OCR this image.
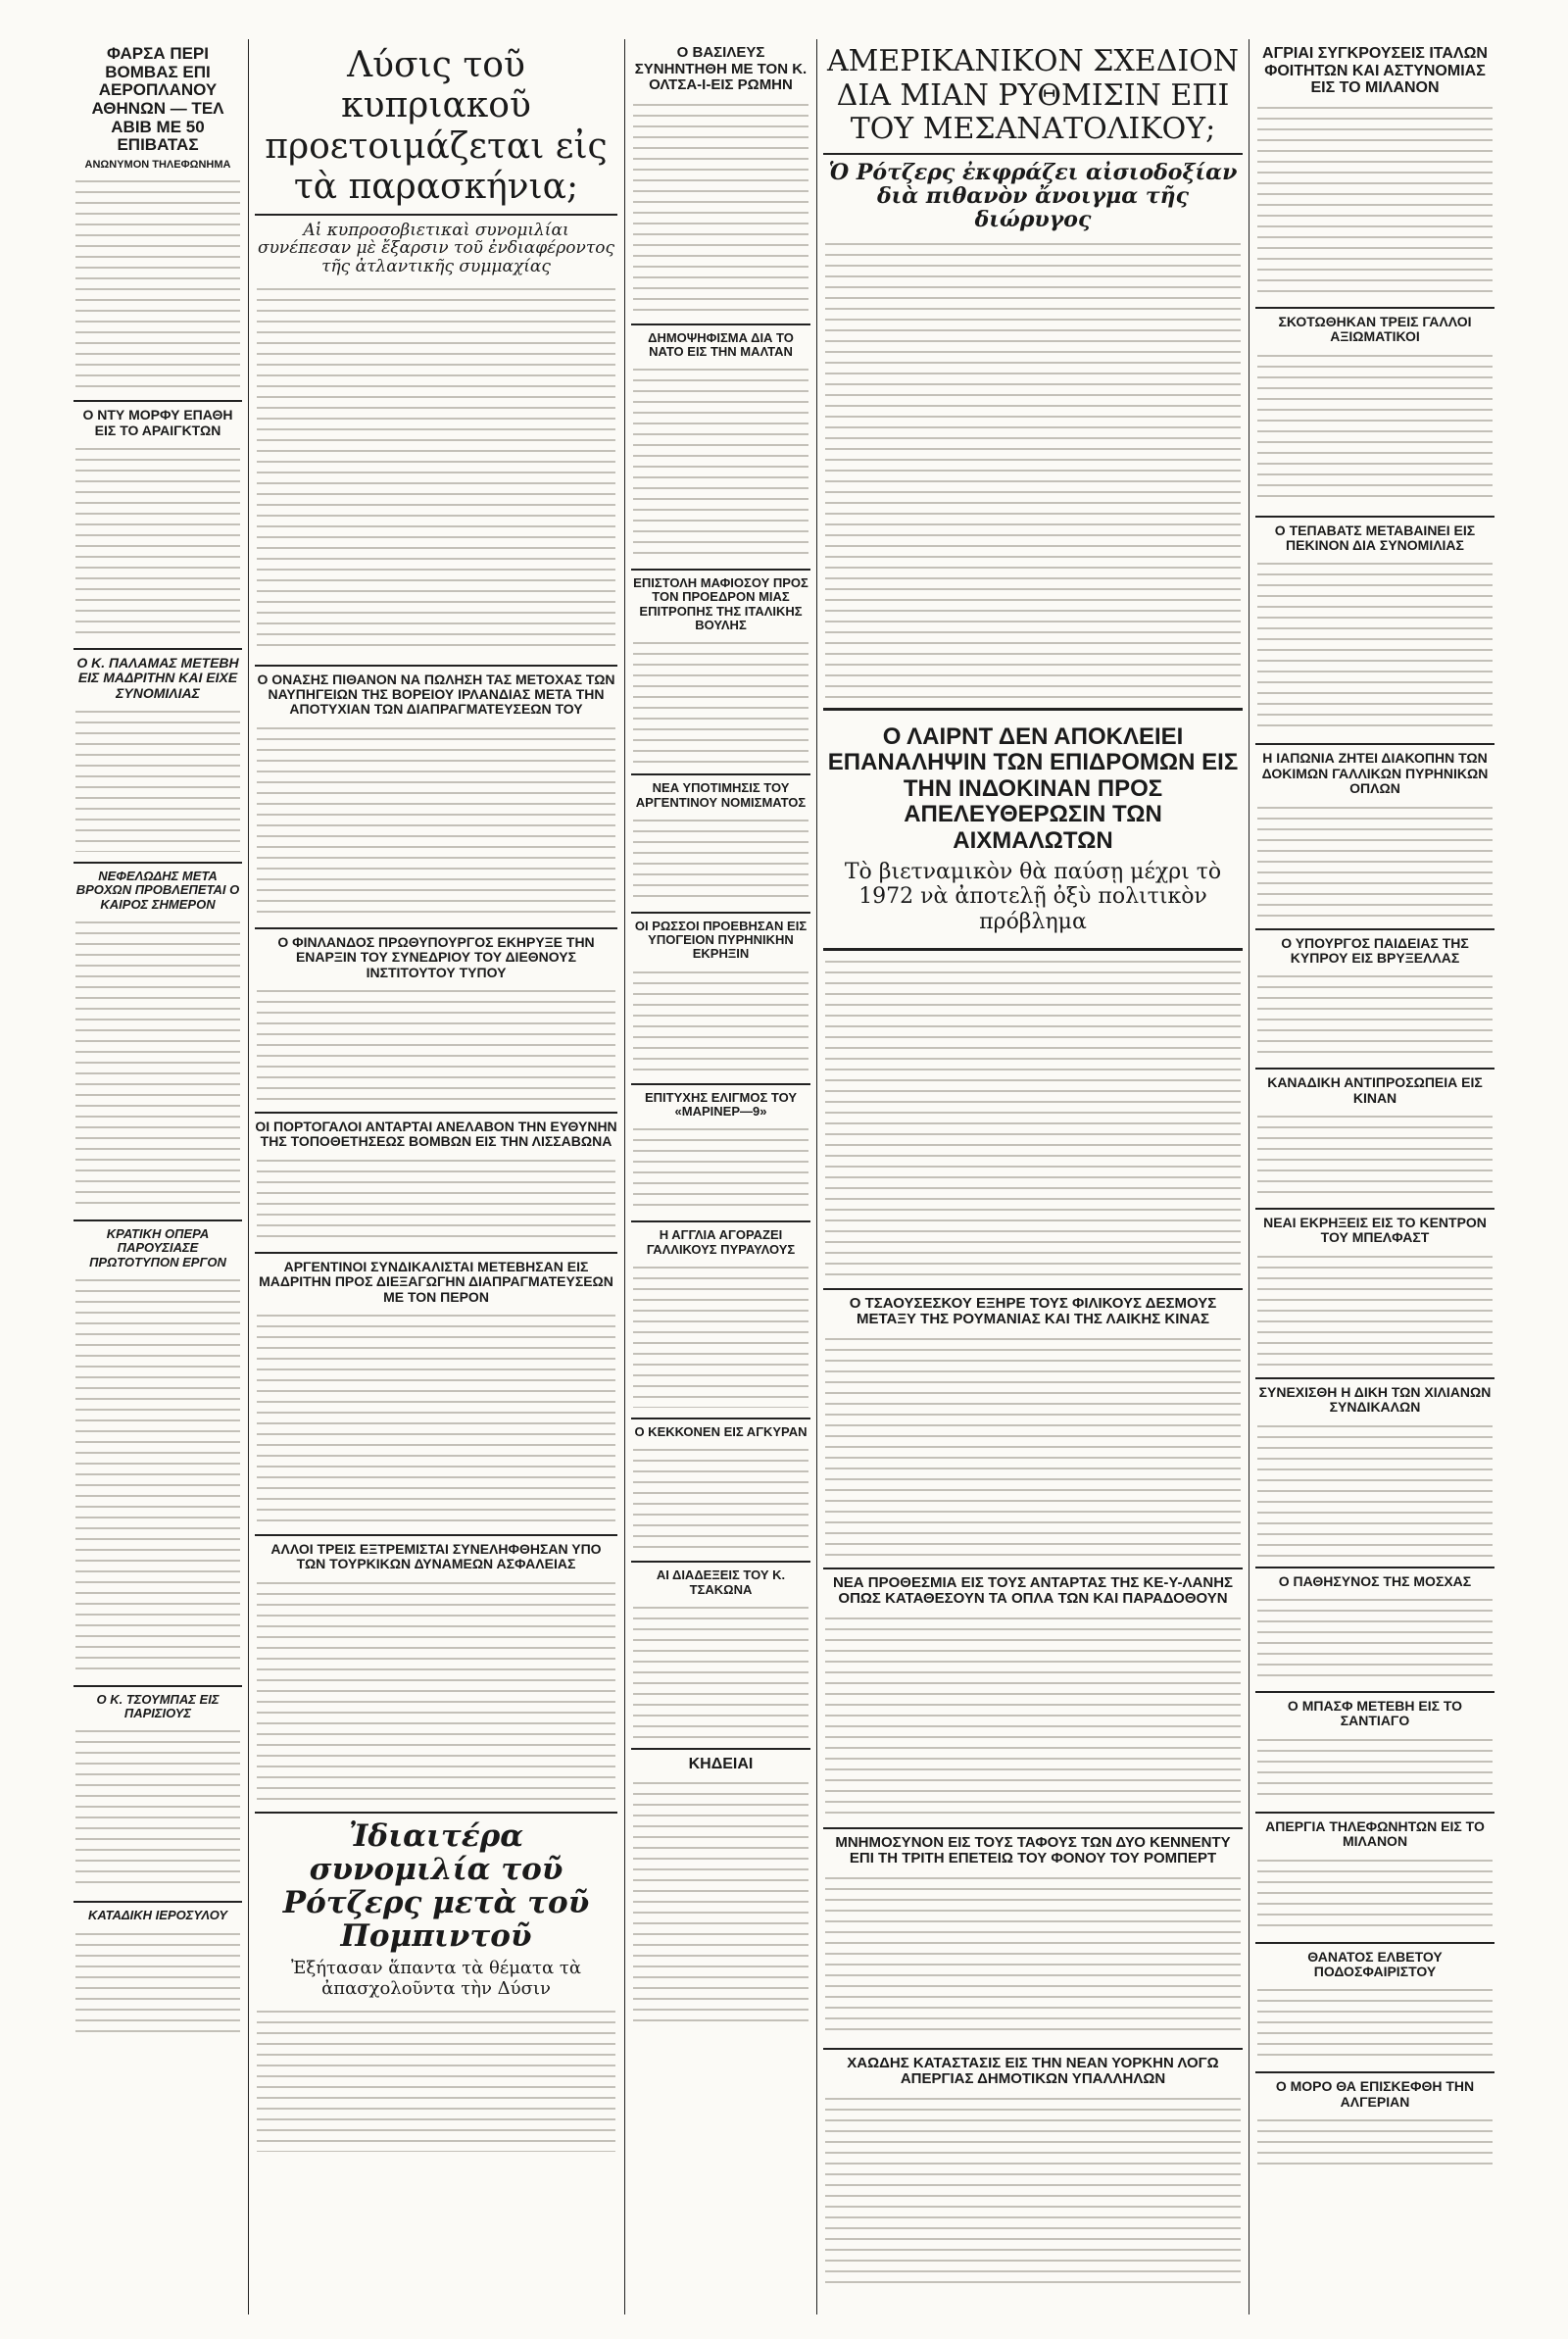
ΦΑΡΣΑ ΠΕΡΙ ΒΟΜΒΑΣ ΕΠΙ ΑΕΡΟΠΛΑΝΟΥ ΑΘΗΝΩΝ — ΤΕΛ ΑΒΙΒ ΜΕ 50 ΕΠΙΒΑΤΑΣ
ΑΝΩΝΥΜΟΝ ΤΗΛΕΦΩΝΗΜΑ
Ο ΝΤΥ ΜΟΡΦΥ ΕΠΑΘΗ ΕΙΣ ΤΟ ΑΡΑΙΓΚΤΩΝ
Ο Κ. ΠΑΛΑΜΑΣ ΜΕΤΕΒΗ ΕΙΣ ΜΑΔΡΙΤΗΝ ΚΑΙ ΕΙΧΕ ΣΥΝΟΜΙΛΙΑΣ
ΝΕΦΕΛΩΔΗΣ ΜΕΤΑ ΒΡΟΧΩΝ ΠΡΟΒΛΕΠΕΤΑΙ Ο ΚΑΙΡΟΣ ΣΗΜΕΡΟΝ
ΚΡΑΤΙΚΗ ΟΠΕΡΑ ΠΑΡΟΥΣΙΑΣΕ ΠΡΩΤΟΤΥΠΟΝ ΕΡΓΟΝ
Ο Κ. ΤΣΟΥΜΠΑΣ ΕΙΣ ΠΑΡΙΣΙΟΥΣ
ΚΑΤΑΔΙΚΗ ΙΕΡΟΣΥΛΟΥ
Λύσις τοῦ κυπριακοῦ προετοιμάζεται εἰς τὰ παρασκήνια;
Αἱ κυπροσοβιετικαὶ συνομιλίαι συνέπεσαν μὲ ἔξαρσιν τοῦ ἐνδιαφέροντος τῆς ἀτλαντικῆς συμμαχίας
Ο ΟΝΑΣΗΣ ΠΙΘΑΝΟΝ ΝΑ ΠΩΛΗΣΗ ΤΑΣ ΜΕΤΟΧΑΣ ΤΩΝ ΝΑΥΠΗΓΕΙΩΝ ΤΗΣ ΒΟΡΕΙΟΥ ΙΡΛΑΝΔΙΑΣ ΜΕΤΑ ΤΗΝ ΑΠΟΤΥΧΙΑΝ ΤΩΝ ΔΙΑΠΡΑΓΜΑΤΕΥΣΕΩΝ ΤΟΥ
Ο ΦΙΝΛΑΝΔΟΣ ΠΡΩΘΥΠΟΥΡΓΟΣ ΕΚΗΡΥΞΕ ΤΗΝ ΕΝΑΡΞΙΝ ΤΟΥ ΣΥΝΕΔΡΙΟΥ ΤΟΥ ΔΙΕΘΝΟΥΣ ΙΝΣΤΙΤΟΥΤΟΥ ΤΥΠΟΥ
ΟΙ ΠΟΡΤΟΓΑΛΟΙ ΑΝΤΑΡΤΑΙ ΑΝΕΛΑΒΟΝ ΤΗΝ ΕΥΘΥΝΗΝ ΤΗΣ ΤΟΠΟΘΕΤΗΣΕΩΣ ΒΟΜΒΩΝ ΕΙΣ ΤΗΝ ΛΙΣΣΑΒΩΝΑ
ΑΡΓΕΝΤΙΝΟΙ ΣΥΝΔΙΚΑΛΙΣΤΑΙ ΜΕΤΕΒΗΣΑΝ ΕΙΣ ΜΑΔΡΙΤΗΝ ΠΡΟΣ ΔΙΕΞΑΓΩΓΗΝ ΔΙΑΠΡΑΓΜΑΤΕΥΣΕΩΝ ΜΕ ΤΟΝ ΠΕΡΟΝ
ΑΛΛΟΙ ΤΡΕΙΣ ΕΞΤΡΕΜΙΣΤΑΙ ΣΥΝΕΛΗΦΘΗΣΑΝ ΥΠΟ ΤΩΝ ΤΟΥΡΚΙΚΩΝ ΔΥΝΑΜΕΩΝ ΑΣΦΑΛΕΙΑΣ
Ἰδιαιτέρα συνομιλία τοῦ Ρότζερς μετὰ τοῦ Πομπιντοῦ
Ἐξήτασαν ἅπαντα τὰ θέματα τὰ ἀπασχολοῦντα τὴν Δύσιν
Ο ΒΑΣΙΛΕΥΣ ΣΥΝΗΝΤΗΘΗ ΜΕ ΤΟΝ Κ. ΟΛΤΣΑ-Ι-ΕΙΣ ΡΩΜΗΝ
ΔΗΜΟΨΗΦΙΣΜΑ ΔΙΑ ΤΟ ΝΑΤΟ ΕΙΣ ΤΗΝ ΜΑΛΤΑΝ
ΕΠΙΣΤΟΛΗ ΜΑΦΙΟΣΟΥ ΠΡΟΣ ΤΟΝ ΠΡΟΕΔΡΟΝ ΜΙΑΣ ΕΠΙΤΡΟΠΗΣ ΤΗΣ ΙΤΑΛΙΚΗΣ ΒΟΥΛΗΣ
ΝΕΑ ΥΠΟΤΙΜΗΣΙΣ ΤΟΥ ΑΡΓΕΝΤΙΝΟΥ ΝΟΜΙΣΜΑΤΟΣ
ΟΙ ΡΩΣΣΟΙ ΠΡΟΕΒΗΣΑΝ ΕΙΣ ΥΠΟΓΕΙΟΝ ΠΥΡΗΝΙΚΗΝ ΕΚΡΗΞΙΝ
ΕΠΙΤΥΧΗΣ ΕΛΙΓΜΟΣ ΤΟΥ «ΜΑΡΙΝΕΡ—9»
Η ΑΓΓΛΙΑ ΑΓΟΡΑΖΕΙ ΓΑΛΛΙΚΟΥΣ ΠΥΡΑΥΛΟΥΣ
Ο ΚΕΚΚΟΝΕΝ ΕΙΣ ΑΓΚΥΡΑΝ
ΑΙ ΔΙΑΔΕΞΕΙΣ ΤΟΥ Κ. ΤΣΑΚΩΝΑ
ΚΗΔΕΙΑΙ
ΑΜΕΡΙΚΑΝΙΚΟΝ ΣΧΕΔΙΟΝ ΔΙΑ ΜΙΑΝ ΡΥΘΜΙΣΙΝ ΕΠΙ ΤΟΥ ΜΕΣΑΝΑΤΟΛΙΚΟΥ;
Ὁ Ρότζερς ἐκφράζει αἰσιοδοξίαν διὰ πιθανὸν ἄνοιγμα τῆς διώρυγος
Ο ΛΑΙΡΝΤ ΔΕΝ ΑΠΟΚΛΕΙΕΙ ΕΠΑΝΑΛΗΨΙΝ ΤΩΝ ΕΠΙΔΡΟΜΩΝ ΕΙΣ ΤΗΝ ΙΝΔΟΚΙΝΑΝ ΠΡΟΣ ΑΠΕΛΕΥΘΕΡΩΣΙΝ ΤΩΝ ΑΙΧΜΑΛΩΤΩΝ
Τὸ βιετναμικὸν θὰ παύσῃ μέχρι τὸ 1972 νὰ ἀποτελῇ ὀξὺ πολιτικὸν πρόβλημα
Ο ΤΣΑΟΥΣΕΣΚΟΥ ΕΞΗΡΕ ΤΟΥΣ ΦΙΛΙΚΟΥΣ ΔΕΣΜΟΥΣ ΜΕΤΑΞΥ ΤΗΣ ΡΟΥΜΑΝΙΑΣ ΚΑΙ ΤΗΣ ΛΑΙΚΗΣ ΚΙΝΑΣ
ΝΕΑ ΠΡΟΘΕΣΜΙΑ ΕΙΣ ΤΟΥΣ ΑΝΤΑΡΤΑΣ ΤΗΣ ΚΕ-Υ-ΛΑΝΗΣ ΟΠΩΣ ΚΑΤΑΘΕΣΟΥΝ ΤΑ ΟΠΛΑ ΤΩΝ ΚΑΙ ΠΑΡΑΔΟΘΟΥΝ
ΜΝΗΜΟΣΥΝΟΝ ΕΙΣ ΤΟΥΣ ΤΑΦΟΥΣ ΤΩΝ ΔΥΟ ΚΕΝΝΕΝΤΥ ΕΠΙ ΤΗ ΤΡΙΤΗ ΕΠΕΤΕΙΩ ΤΟΥ ΦΟΝΟΥ ΤΟΥ ΡΟΜΠΕΡΤ
ΧΑΩΔΗΣ ΚΑΤΑΣΤΑΣΙΣ ΕΙΣ ΤΗΝ ΝΕΑΝ ΥΟΡΚΗΝ ΛΟΓΩ ΑΠΕΡΓΙΑΣ ΔΗΜΟΤΙΚΩΝ ΥΠΑΛΛΗΛΩΝ
ΑΓΡΙΑΙ ΣΥΓΚΡΟΥΣΕΙΣ ΙΤΑΛΩΝ ΦΟΙΤΗΤΩΝ ΚΑΙ ΑΣΤΥΝΟΜΙΑΣ ΕΙΣ ΤΟ ΜΙΛΑΝΟΝ
ΣΚΟΤΩΘΗΚΑΝ ΤΡΕΙΣ ΓΑΛΛΟΙ ΑΞΙΩΜΑΤΙΚΟΙ
Ο ΤΕΠΑΒΑΤΣ ΜΕΤΑΒΑΙΝΕΙ ΕΙΣ ΠΕΚΙΝΟΝ ΔΙΑ ΣΥΝΟΜΙΛΙΑΣ
Η ΙΑΠΩΝΙΑ ΖΗΤΕΙ ΔΙΑΚΟΠΗΝ ΤΩΝ ΔΟΚΙΜΩΝ ΓΑΛΛΙΚΩΝ ΠΥΡΗΝΙΚΩΝ ΟΠΛΩΝ
Ο ΥΠΟΥΡΓΟΣ ΠΑΙΔΕΙΑΣ ΤΗΣ ΚΥΠΡΟΥ ΕΙΣ ΒΡΥΞΕΛΛΑΣ
ΚΑΝΑΔΙΚΗ ΑΝΤΙΠΡΟΣΩΠΕΙΑ ΕΙΣ ΚΙΝΑΝ
ΝΕΑΙ ΕΚΡΗΞΕΙΣ ΕΙΣ ΤΟ ΚΕΝΤΡΟΝ ΤΟΥ ΜΠΕΛΦΑΣΤ
ΣΥΝΕΧΙΣΘΗ Η ΔΙΚΗ ΤΩΝ ΧΙΛΙΑΝΩΝ ΣΥΝΔΙΚΑΛΩΝ
Ο ΠΑΘΗΣΥΝΟΣ ΤΗΣ ΜΟΣΧΑΣ
Ο ΜΠΑΣΦ ΜΕΤΕΒΗ ΕΙΣ ΤΟ ΣΑΝΤΙΑΓΟ
ΑΠΕΡΓΙΑ ΤΗΛΕΦΩΝΗΤΩΝ ΕΙΣ ΤΟ ΜΙΛΑΝΟΝ
ΘΑΝΑΤΟΣ ΕΛΒΕΤΟΥ ΠΟΔΟΣΦΑΙΡΙΣΤΟΥ
Ο ΜΟΡΟ ΘΑ ΕΠΙΣΚΕΦΘΗ ΤΗΝ ΑΛΓΕΡΙΑΝ
